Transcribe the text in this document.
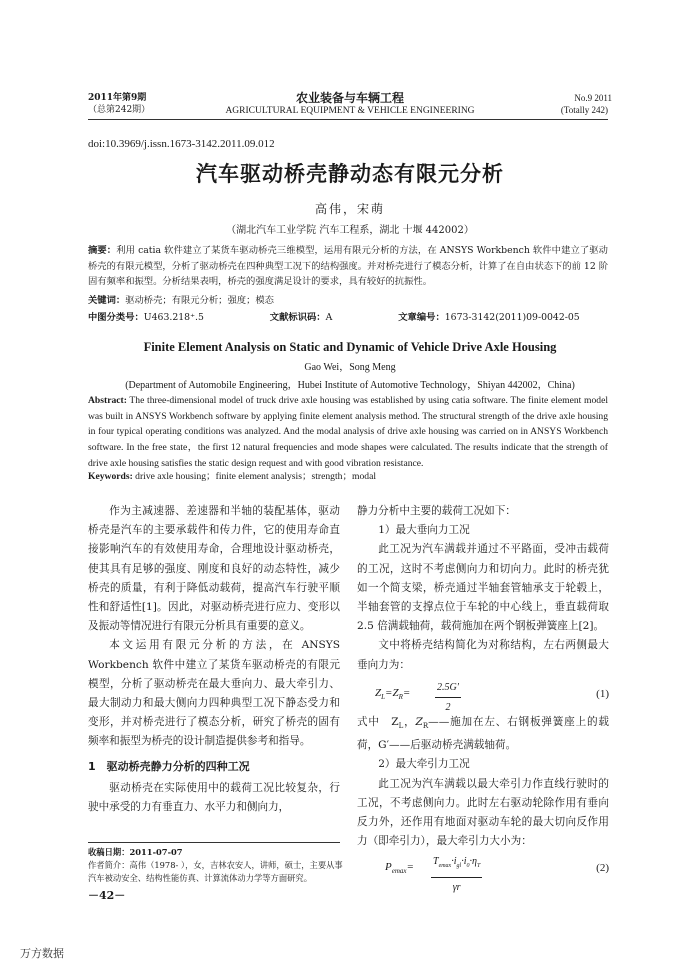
2011年第9期
（总第242期）
农业装备与车辆工程
AGRICULTURAL EQUIPMENT & VEHICLE ENGINEERING
No.9 2011
(Totally 242)
doi:10.3969/j.issn.1673-3142.2011.09.012
汽车驱动桥壳静动态有限元分析
高伟，宋萌
（湖北汽车工业学院 汽车工程系，湖北 十堰 442002）
摘要：利用 catia 软件建立了某货车驱动桥壳三维模型，运用有限元分析的方法，在 ANSYS Workbench 软件中建立了驱动桥壳的有限元模型，分析了驱动桥壳在四种典型工况下的结构强度。并对桥壳进行了模态分析，计算了在自由状态下的前 12 阶固有频率和振型。分析结果表明，桥壳的强度满足设计的要求，具有较好的抗振性。
关键词：驱动桥壳；有限元分析；强度；模态
中图分类号：U463.218⁺.5	文献标识码：A	文章编号：1673-3142(2011)09-0042-05
Finite Element Analysis on Static and Dynamic of Vehicle Drive Axle Housing
Gao Wei，Song Meng
(Department of Automobile Engineering，Hubei Institute of Automotive Technology，Shiyan 442002，China)
Abstract: The three-dimensional model of truck drive axle housing was established by using catia software. The finite element model was built in ANSYS Workbench software by applying finite element analysis method. The structural strength of the drive axle housing in four typical operating conditions was analyzed. And the modal analysis of drive axle housing was carried on in ANSYS Workbench software. In the free state，the first 12 natural frequencies and mode shapes were calculated. The results indicate that the strength of drive axle housing satisfies the static design request and with good vibration resistance.
Keywords: drive axle housing；finite element analysis；strength；modal

作为主减速器、差速器和半轴的装配基体，驱动桥壳是汽车的主要承载件和传力件，它的使用寿命直接影响汽车的有效使用寿命，合理地设计驱动桥壳，使其具有足够的强度、刚度和良好的动态特性，减少桥壳的质量，有利于降低动载荷，提高汽车行驶平顺性和舒适性[1]。因此，对驱动桥壳进行应力、变形以及振动等情况进行有限元分析具有重要的意义。

本文运用有限元分析的方法，在 ANSYS Workbench 软件中建立了某货车驱动桥壳的有限元模型，分析了驱动桥壳在最大垂向力、最大牵引力、最大制动力和最大侧向力四种典型工况下静态受力和变形，并对桥壳进行了模态分析，研究了桥壳的固有频率和振型为桥壳的设计制造提供参考和指导。

1　驱动桥壳静力分析的四种工况

驱动桥壳在实际使用中的载荷工况比较复杂，行驶中承受的力有垂直力、水平力和侧向力，

收稿日期：2011-07-07
作者简介：高伟（1978- ），女，吉林农安人，讲师，硕士，主要从事汽车被动安全、结构性能仿真、计算流体动力学等方面研究。
－42－

静力分析中主要的载荷工况如下：

1）最大垂向力工况

此工况为汽车满载并通过不平路面，受冲击载荷的工况，这时不考虑侧向力和切向力。此时的桥壳犹如一个简支梁，桥壳通过半轴套管轴承支于轮毂上，半轴套管的支撑点位于车轮的中心线上，垂直载荷取 2.5 倍满载轴荷，载荷施加在两个钢板弹簧座上[2]。

文中将桥壳结构简化为对称结构，左右两侧最大垂向力为：

$Z_L=Z_R= \frac{2.5G'}{2}$	(1)

式中　$Z_L$，$Z_R——$施加在左、右钢板弹簧座上的载荷，G′——后驱动桥壳满载轴荷。

2）最大牵引力工况

此工况为汽车满载以最大牵引力作直线行驶时的工况，不考虑侧向力。此时左右驱动轮除作用有垂向反力外，还作用有地面对驱动车轮的最大切向反作用力（即牵引力），最大牵引力大小为：

$P_{emax}= T_{emax}\cdot i_{gl}\cdot i_0\cdot\eta_T$
γr
(2)
万方数据
